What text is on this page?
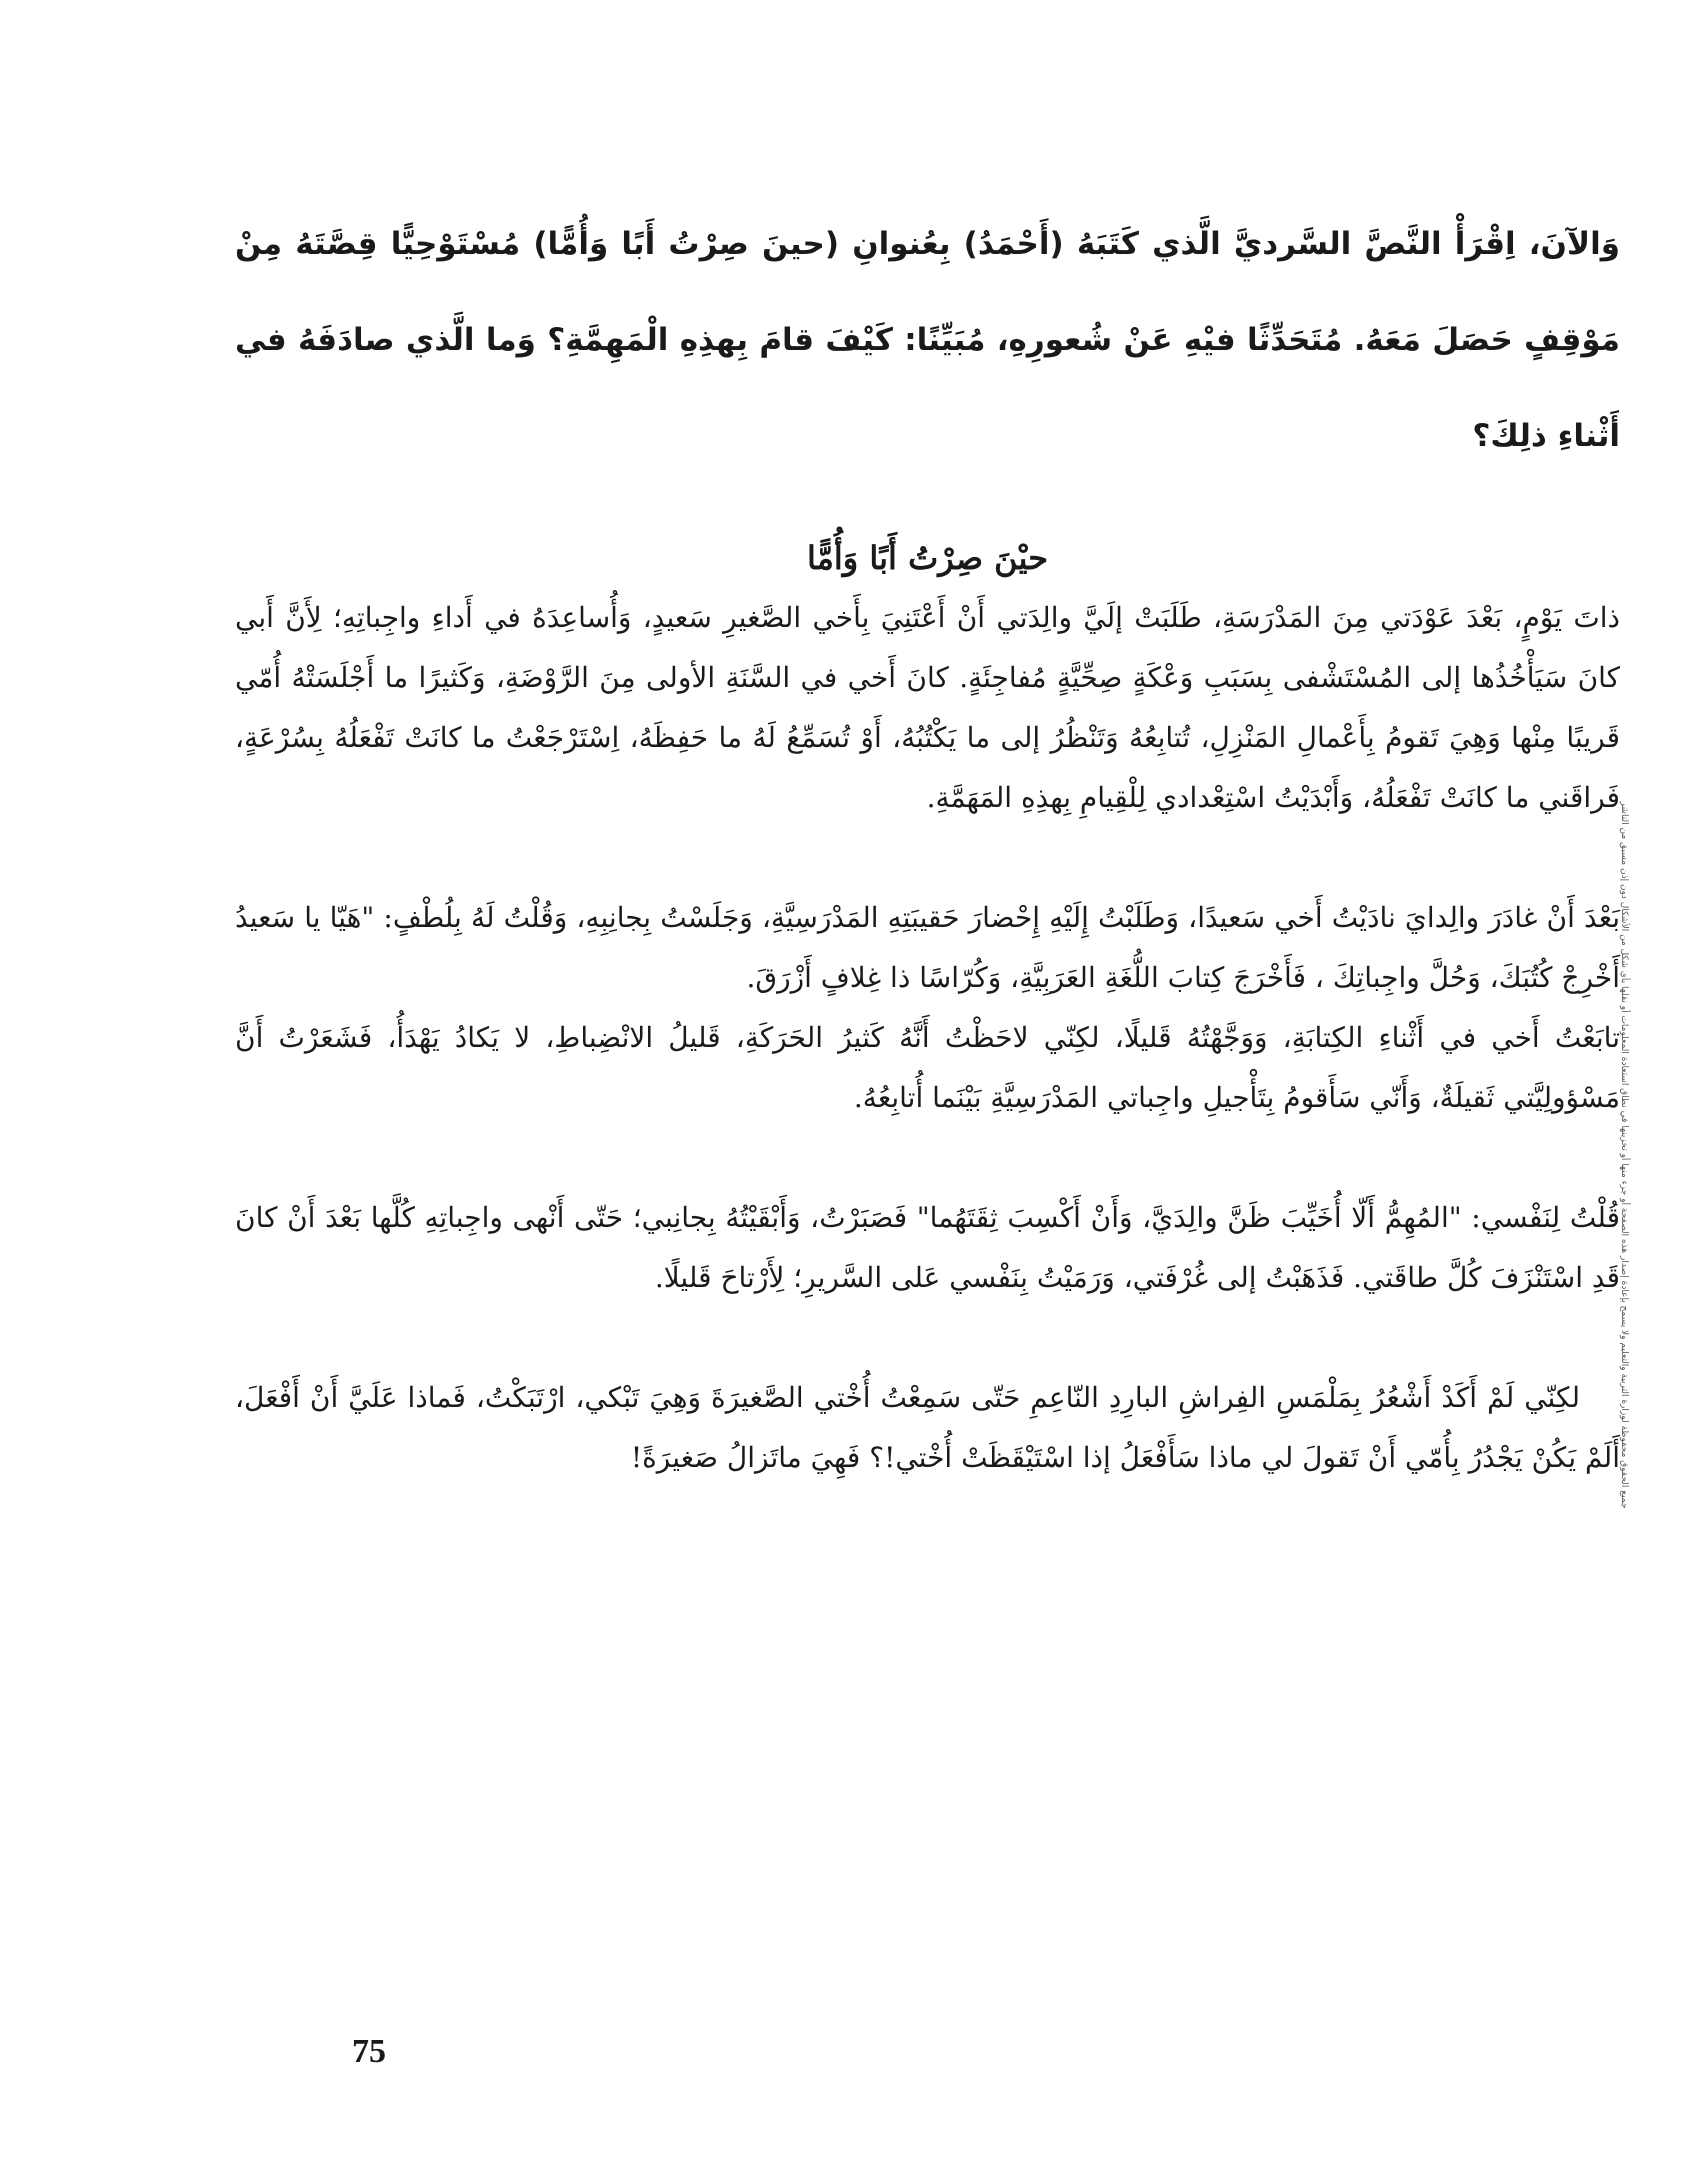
وَالآنَ، اِقْرَأْ النَّصَّ السَّرديَّ الَّذي كَتَبَهُ (أَحْمَدُ) بِعُنوانِ (حينَ صِرْتُ أَبًا وَأُمًّا) مُسْتَوْحِيًّا قِصَّتَهُ مِنْ مَوْقِفٍ حَصَلَ مَعَهُ. مُتَحَدِّثًا فيْهِ عَنْ شُعورِهِ، مُبَيِّنًا: كَيْفَ قامَ بِهذِهِ الْمَهِمَّةِ؟ وَما الَّذي صادَفَهُ في أَثْناءِ ذلِكَ؟

حيْنَ صِرْتُ أَبًا وَأُمًّا

ذاتَ يَوْمٍ، بَعْدَ عَوْدَتي مِنَ المَدْرَسَةِ، طَلَبَتْ إلَيَّ والِدَتي أَنْ أَعْتَنِيَ بِأَخي الصَّغيرِ سَعيدٍ، وَأُساعِدَهُ في أَداءِ واجِباتِهِ؛ لِأَنَّ أَبي كانَ سَيَأْخُذُها إلى المُسْتَشْفى بِسَبَبِ وَعْكَةٍ صِحِّيَّةٍ مُفاجِئَةٍ. كانَ أَخي في السَّنَةِ الأولى مِنَ الرَّوْضَةِ، وَكَثيرًا ما أَجْلَسَتْهُ أُمّي قَريبًا مِنْها وَهِيَ تَقومُ بِأَعْمالِ المَنْزِلِ، تُتابِعُهُ وَتَنْظُرُ إلى ما يَكْتُبُهُ، أَوْ تُسَمِّعُ لَهُ ما حَفِظَهُ، اِسْتَرْجَعْتُ ما كانَتْ تَفْعَلُهُ بِسُرْعَةٍ، فَراقَني ما كانَتْ تَفْعَلُهُ، وَأَبْدَيْتُ اسْتِعْدادي لِلْقِيامِ بِهذِهِ المَهَمَّةِ.

بَعْدَ أَنْ غادَرَ والِدايَ نادَيْتُ أَخي سَعيدًا، وَطَلَبْتُ إِلَيْهِ إِحْضارَ حَقيبَتِهِ المَدْرَسِيَّةِ، وَجَلَسْتُ بِجانِبِهِ، وَقُلْتُ لَهُ بِلُطْفٍ: "هَيّا يا سَعيدُ أَخْرِجْ كُتُبَكَ، وَحُلَّ واجِباتِكَ ، فَأَخْرَجَ كِتابَ اللُّغَةِ العَرَبِيَّةِ، وَكُرّاسًا ذا غِلافٍ أَزْرَقَ.

تابَعْتُ أَخي في أَثْناءِ الكِتابَةِ، وَوَجَّهْتُهُ قَليلًا، لكِنّي لاحَظْتُ أَنَّهُ كَثيرُ الحَرَكَةِ، قَليلُ الانْضِباطِ، لا يَكادُ يَهْدَأُ، فَشَعَرْتُ أَنَّ مَسْؤولِيَّتي ثَقيلَةٌ، وَأَنّي سَأَقومُ بِتَأْجيلِ واجِباتي المَدْرَسِيَّةِ بَيْنَما أُتابِعُهُ.

قُلْتُ لِنَفْسي: "المُهِمُّ أَلّا أُخَيِّبَ ظَنَّ والِدَيَّ، وَأَنْ أَكْسِبَ ثِقَتَهُما" فَصَبَرْتُ، وَأَبْقَيْتُهُ بِجانِبي؛ حَتّى أَنْهى واجِباتِهِ كُلَّها بَعْدَ أَنْ كانَ قَدِ اسْتَنْزَفَ كُلَّ طاقَتي. فَذَهَبْتُ إلى غُرْفَتي، وَرَمَيْتُ بِنَفْسي عَلى السَّريرِ؛ لِأَرْتاحَ قَليلًا.

لكِنّي لَمْ أَكَدْ أَشْعُرُ بِمَلْمَسِ الفِراشِ البارِدِ النّاعِمِ حَتّى سَمِعْتُ أُخْتي الصَّغيرَةَ وَهِيَ تَبْكي، ارْتَبَكْتُ، فَماذا عَلَيَّ أَنْ أَفْعَلَ، أَلَمْ يَكُنْ يَجْدُرُ بِأُمّي أَنْ تَقولَ لي ماذا سَأَفْعَلُ إذا اسْتَيْقَظَتْ أُخْتي!؟ فَهِيَ ماتَزالُ صَغيرَةً! جميع الحقوق محفوظة لوزارة التربية والتعليم ولا يسمح بإعادة إصدار هذه الصفحة أو جزء منها أو تخزينها في نطاق استعادة المعلومات أو نقلها بأي شكل من الأشكال دون إذن مسبق من الناشر

75
